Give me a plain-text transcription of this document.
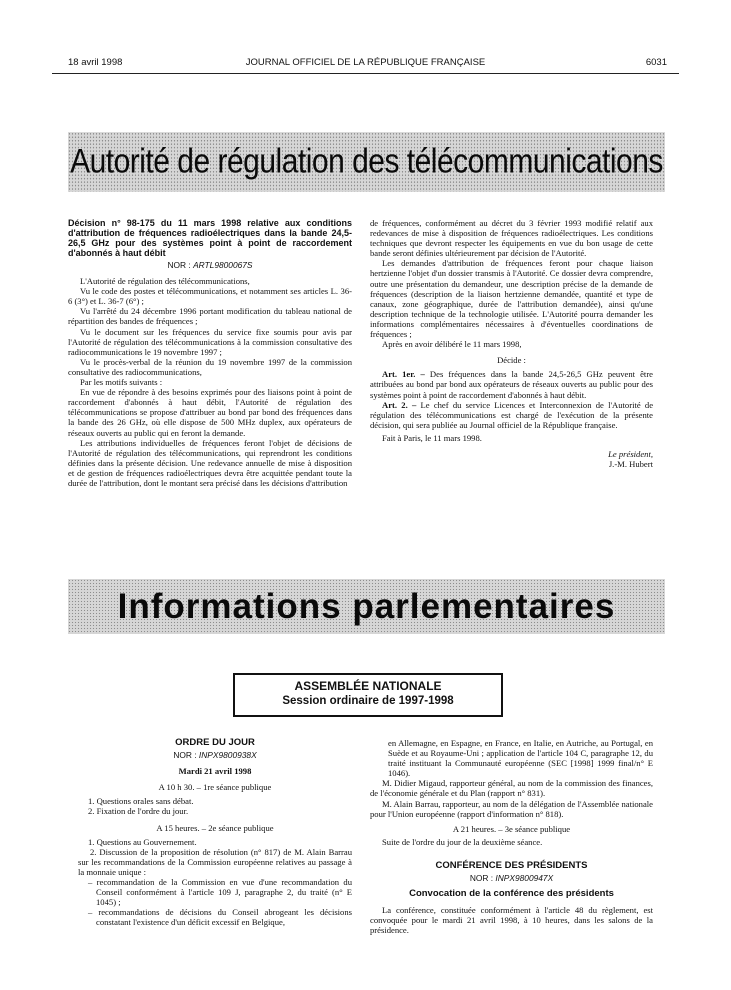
18 avril 1998	JOURNAL OFFICIEL DE LA RÉPUBLIQUE FRANÇAISE	6031
Autorité de régulation des télécommunications
Décision n° 98-175 du 11 mars 1998 relative aux conditions d'attribution de fréquences radioélectriques dans la bande 24,5-26,5 GHz pour des systèmes point à point de raccordement d'abonnés à haut débit
NOR : ARTL9800067S

L'Autorité de régulation des télécommunications,

Vu le code des postes et télécommunications, et notamment ses articles L. 36-6 (3°) et L. 36-7 (6°) ;

Vu l'arrêté du 24 décembre 1996 portant modification du tableau national de répartition des bandes de fréquences ;

Vu le document sur les fréquences du service fixe soumis pour avis par l'Autorité de régulation des télécommunications à la commission consultative des radiocommunications le 19 novembre 1997 ;

Vu le procès-verbal de la réunion du 19 novembre 1997 de la commission consultative des radiocommunications,

Par les motifs suivants :

En vue de répondre à des besoins exprimés pour des liaisons point à point de raccordement d'abonnés à haut débit, l'Autorité de régulation des télécommunications se propose d'attribuer au bond par bond des fréquences dans la bande des 26 GHz, où elle dispose de 500 MHz duplex, aux opérateurs de réseaux ouverts au public qui en feront la demande.

Les attributions individuelles de fréquences feront l'objet de décisions de l'Autorité de régulation des télécommunications, qui reprendront les conditions définies dans la présente décision. Une redevance annuelle de mise à disposition et de gestion de fréquences radioélectriques devra être acquittée pendant toute la durée de l'attribution, dont le montant sera précisé dans les décisions d'attribution

de fréquences, conformément au décret du 3 février 1993 modifié relatif aux redevances de mise à disposition de fréquences radioélectriques. Les conditions techniques que devront respecter les équipements en vue du bon usage de cette bande seront définies ultérieurement par décision de l'Autorité.

Les demandes d'attribution de fréquences feront pour chaque liaison hertzienne l'objet d'un dossier transmis à l'Autorité. Ce dossier devra comprendre, outre une présentation du demandeur, une description précise de la demande de fréquences (description de la liaison hertzienne demandée, quantité et type de canaux, zone géographique, durée de l'attribution demandée), ainsi qu'une description technique de la technologie utilisée. L'Autorité pourra demander les informations complémentaires nécessaires à d'éventuelles coordinations de fréquences ;

Après en avoir délibéré le 11 mars 1998,

Décide :

Art. 1er. – Des fréquences dans la bande 24,5-26,5 GHz peuvent être attribuées au bond par bond aux opérateurs de réseaux ouverts au public pour des systèmes point à point de raccordement d'abonnés à haut débit.

Art. 2. – Le chef du service Licences et Interconnexion de l'Autorité de régulation des télécommunications est chargé de l'exécution de la présente décision, qui sera publiée au Journal officiel de la République française.

Fait à Paris, le 11 mars 1998.

Le président,

J.-M. Hubert

Informations parlementaires
ASSEMBLÉE NATIONALE
Session ordinaire de 1997-1998

ORDRE DU JOUR

NOR : INPX9800938X

Mardi 21 avril 1998

A 10 h 30. – 1re séance publique

1. Questions orales sans débat.

2. Fixation de l'ordre du jour.

A 15 heures. – 2e séance publique

1. Questions au Gouvernement.

2. Discussion de la proposition de résolution (n° 817) de M. Alain Barrau sur les recommandations de la Commission européenne relatives au passage à la monnaie unique :

– recommandation de la Commission en vue d'une recommandation du Conseil conformément à l'article 109 J, paragraphe 2, du traité (n° E 1045) ;

– recommandations de décisions du Conseil abrogeant les décisions constatant l'existence d'un déficit excessif en Belgique,

en Allemagne, en Espagne, en France, en Italie, en Autriche, au Portugal, en Suède et au Royaume-Uni ; application de l'article 104 C, paragraphe 12, du traité instituant la Communauté européenne (SEC [1998] 1999 final/n° E 1046).

M. Didier Migaud, rapporteur général, au nom de la commission des finances, de l'économie générale et du Plan (rapport n° 831).

M. Alain Barrau, rapporteur, au nom de la délégation de l'Assemblée nationale pour l'Union européenne (rapport d'information n° 818).

A 21 heures. – 3e séance publique

Suite de l'ordre du jour de la deuxième séance.

CONFÉRENCE DES PRÉSIDENTS

NOR : INPX9800947X

Convocation de la conférence des présidents

La conférence, constituée conformément à l'article 48 du règlement, est convoquée pour le mardi 21 avril 1998, à 10 heures, dans les salons de la présidence.
